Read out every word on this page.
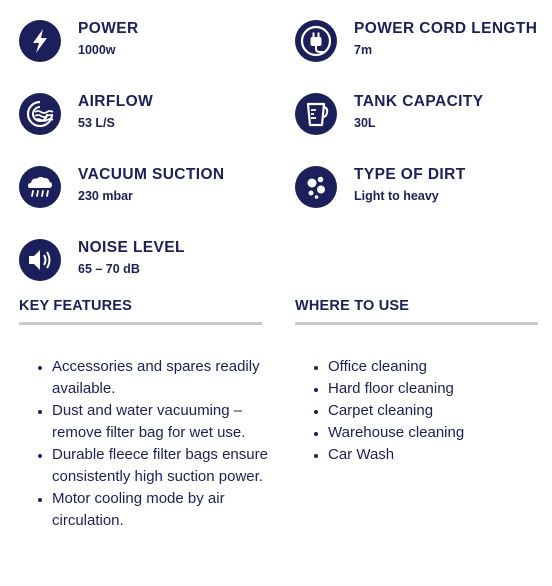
POWER
1000w
POWER CORD LENGTH
7m
AIRFLOW
53 L/S
TANK CAPACITY
30L
VACUUM SUCTION
230 mbar
TYPE OF DIRT
Light to heavy
NOISE LEVEL
65 – 70 dB
KEY FEATURES
• Accessories and spares readily available.
• Dust and water vacuuming – remove filter bag for wet use.
• Durable fleece filter bags ensure consistently high suction power.
• Motor cooling mode by air circulation.
WHERE TO USE
• Office cleaning
• Hard floor cleaning
• Carpet cleaning
• Warehouse cleaning
• Car Wash
